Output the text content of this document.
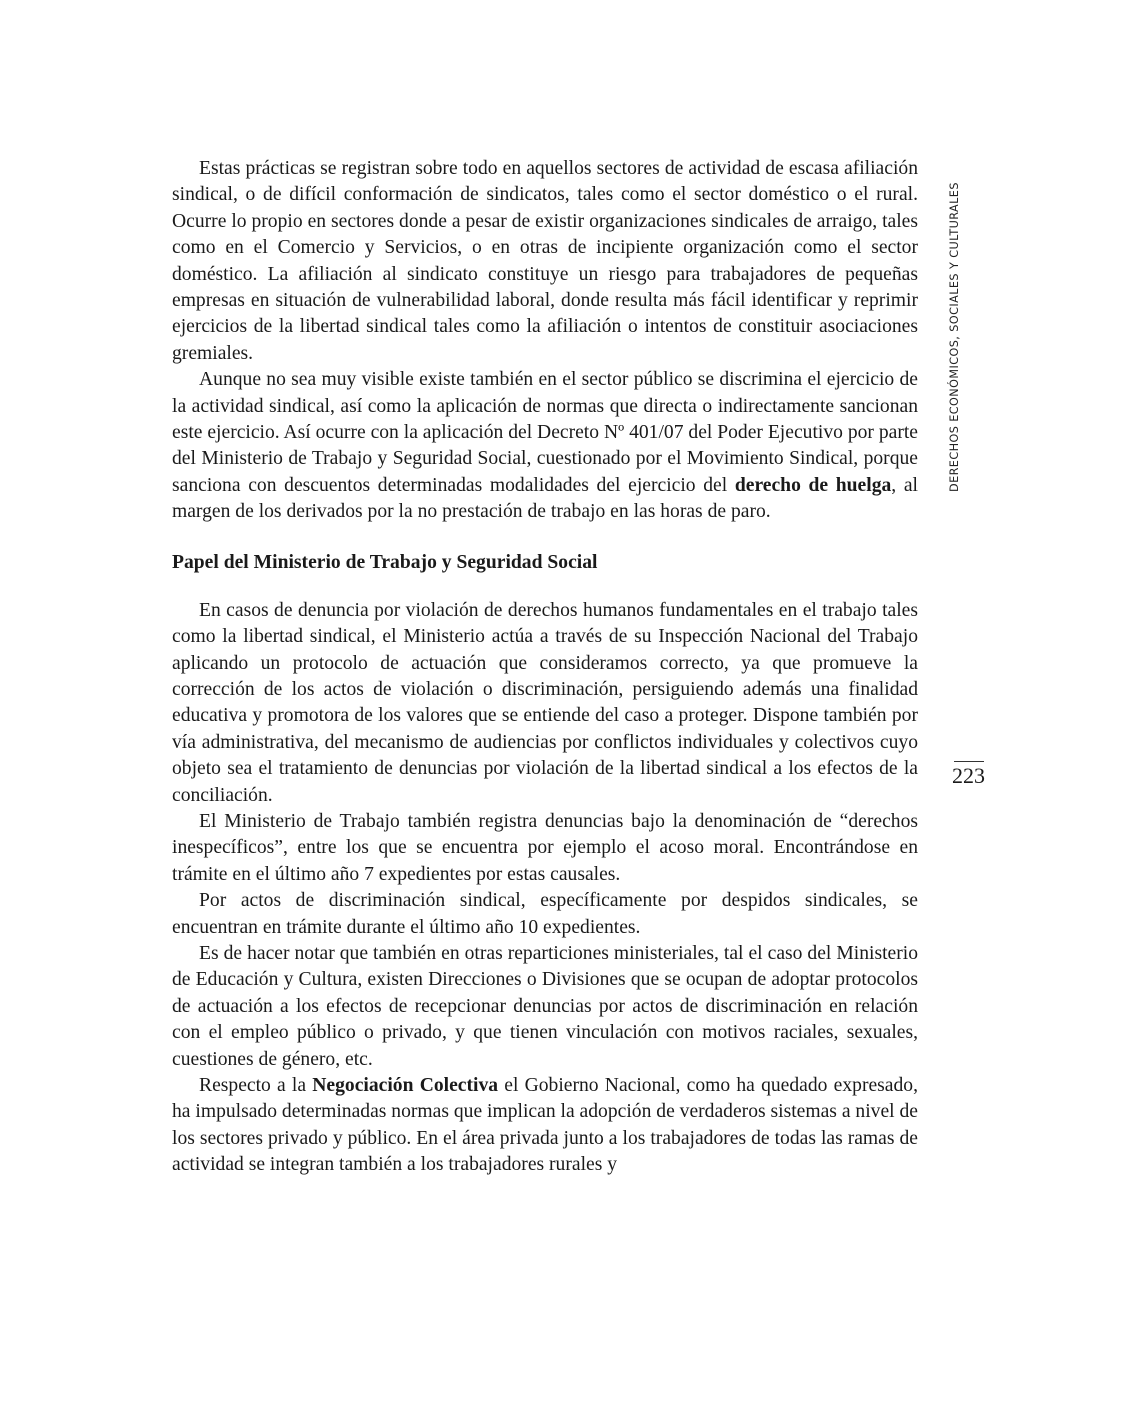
DERECHOS ECONÓMICOS, SOCIALES Y CULTURALES
223

Estas prácticas se registran sobre todo en aquellos sectores de actividad de escasa afiliación sindical, o de difícil conformación de sindicatos, tales como el sector doméstico o el rural. Ocurre lo propio en sectores donde a pesar de existir organizaciones sindicales de arraigo, tales como en el Comercio y Servicios, o en otras de incipiente organización como el sector doméstico. La afiliación al sindicato constituye un riesgo para trabajadores de pequeñas empresas en situación de vulnerabilidad laboral, donde resulta más fácil identificar y reprimir ejercicios de la libertad sindical tales como la afiliación o intentos de constituir asociaciones gremiales.

Aunque no sea muy visible existe también en el sector público se discrimina el ejercicio de la actividad sindical, así como la aplicación de normas que directa o indirectamente sancionan este ejercicio. Así ocurre con la aplicación del Decreto Nº 401/07 del Poder Ejecutivo por parte del Ministerio de Trabajo y Seguridad Social, cuestionado por el Movimiento Sindical, porque sanciona con descuentos determinadas modalidades del ejercicio del derecho de huelga, al margen de los derivados por la no prestación de trabajo en las horas de paro.

Papel del Ministerio de Trabajo y Seguridad Social

En casos de denuncia por violación de derechos humanos fundamentales en el trabajo tales como la libertad sindical, el Ministerio actúa a través de su Inspección Nacional del Trabajo aplicando un protocolo de actuación que consideramos correcto, ya que promueve la corrección de los actos de violación o discriminación, persiguiendo además una finalidad educativa y promotora de los valores que se entiende del caso a proteger. Dispone también por vía administrativa, del mecanismo de audiencias por conflictos individuales y colectivos cuyo objeto sea el tratamiento de denuncias por violación de la libertad sindical a los efectos de la conciliación.

El Ministerio de Trabajo también registra denuncias bajo la denominación de “derechos inespecíficos”, entre los que se encuentra por ejemplo el acoso moral. Encontrándose en trámite en el último año 7 expedientes por estas causales.

Por actos de discriminación sindical, específicamente por despidos sindicales, se encuentran en trámite durante el último año 10 expedientes.

Es de hacer notar que también en otras reparticiones ministeriales, tal el caso del Ministerio de Educación y Cultura, existen Direcciones o Divisiones que se ocupan de adoptar protocolos de actuación a los efectos de recepcionar denuncias por actos de discriminación en relación con el empleo público o privado, y que tienen vinculación con motivos raciales, sexuales, cuestiones de género, etc.

Respecto a la Negociación Colectiva el Gobierno Nacional, como ha quedado expresado, ha impulsado determinadas normas que implican la adopción de verdaderos sistemas a nivel de los sectores privado y público. En el área privada junto a los trabajadores de todas las ramas de actividad se integran también a los trabajadores rurales y
